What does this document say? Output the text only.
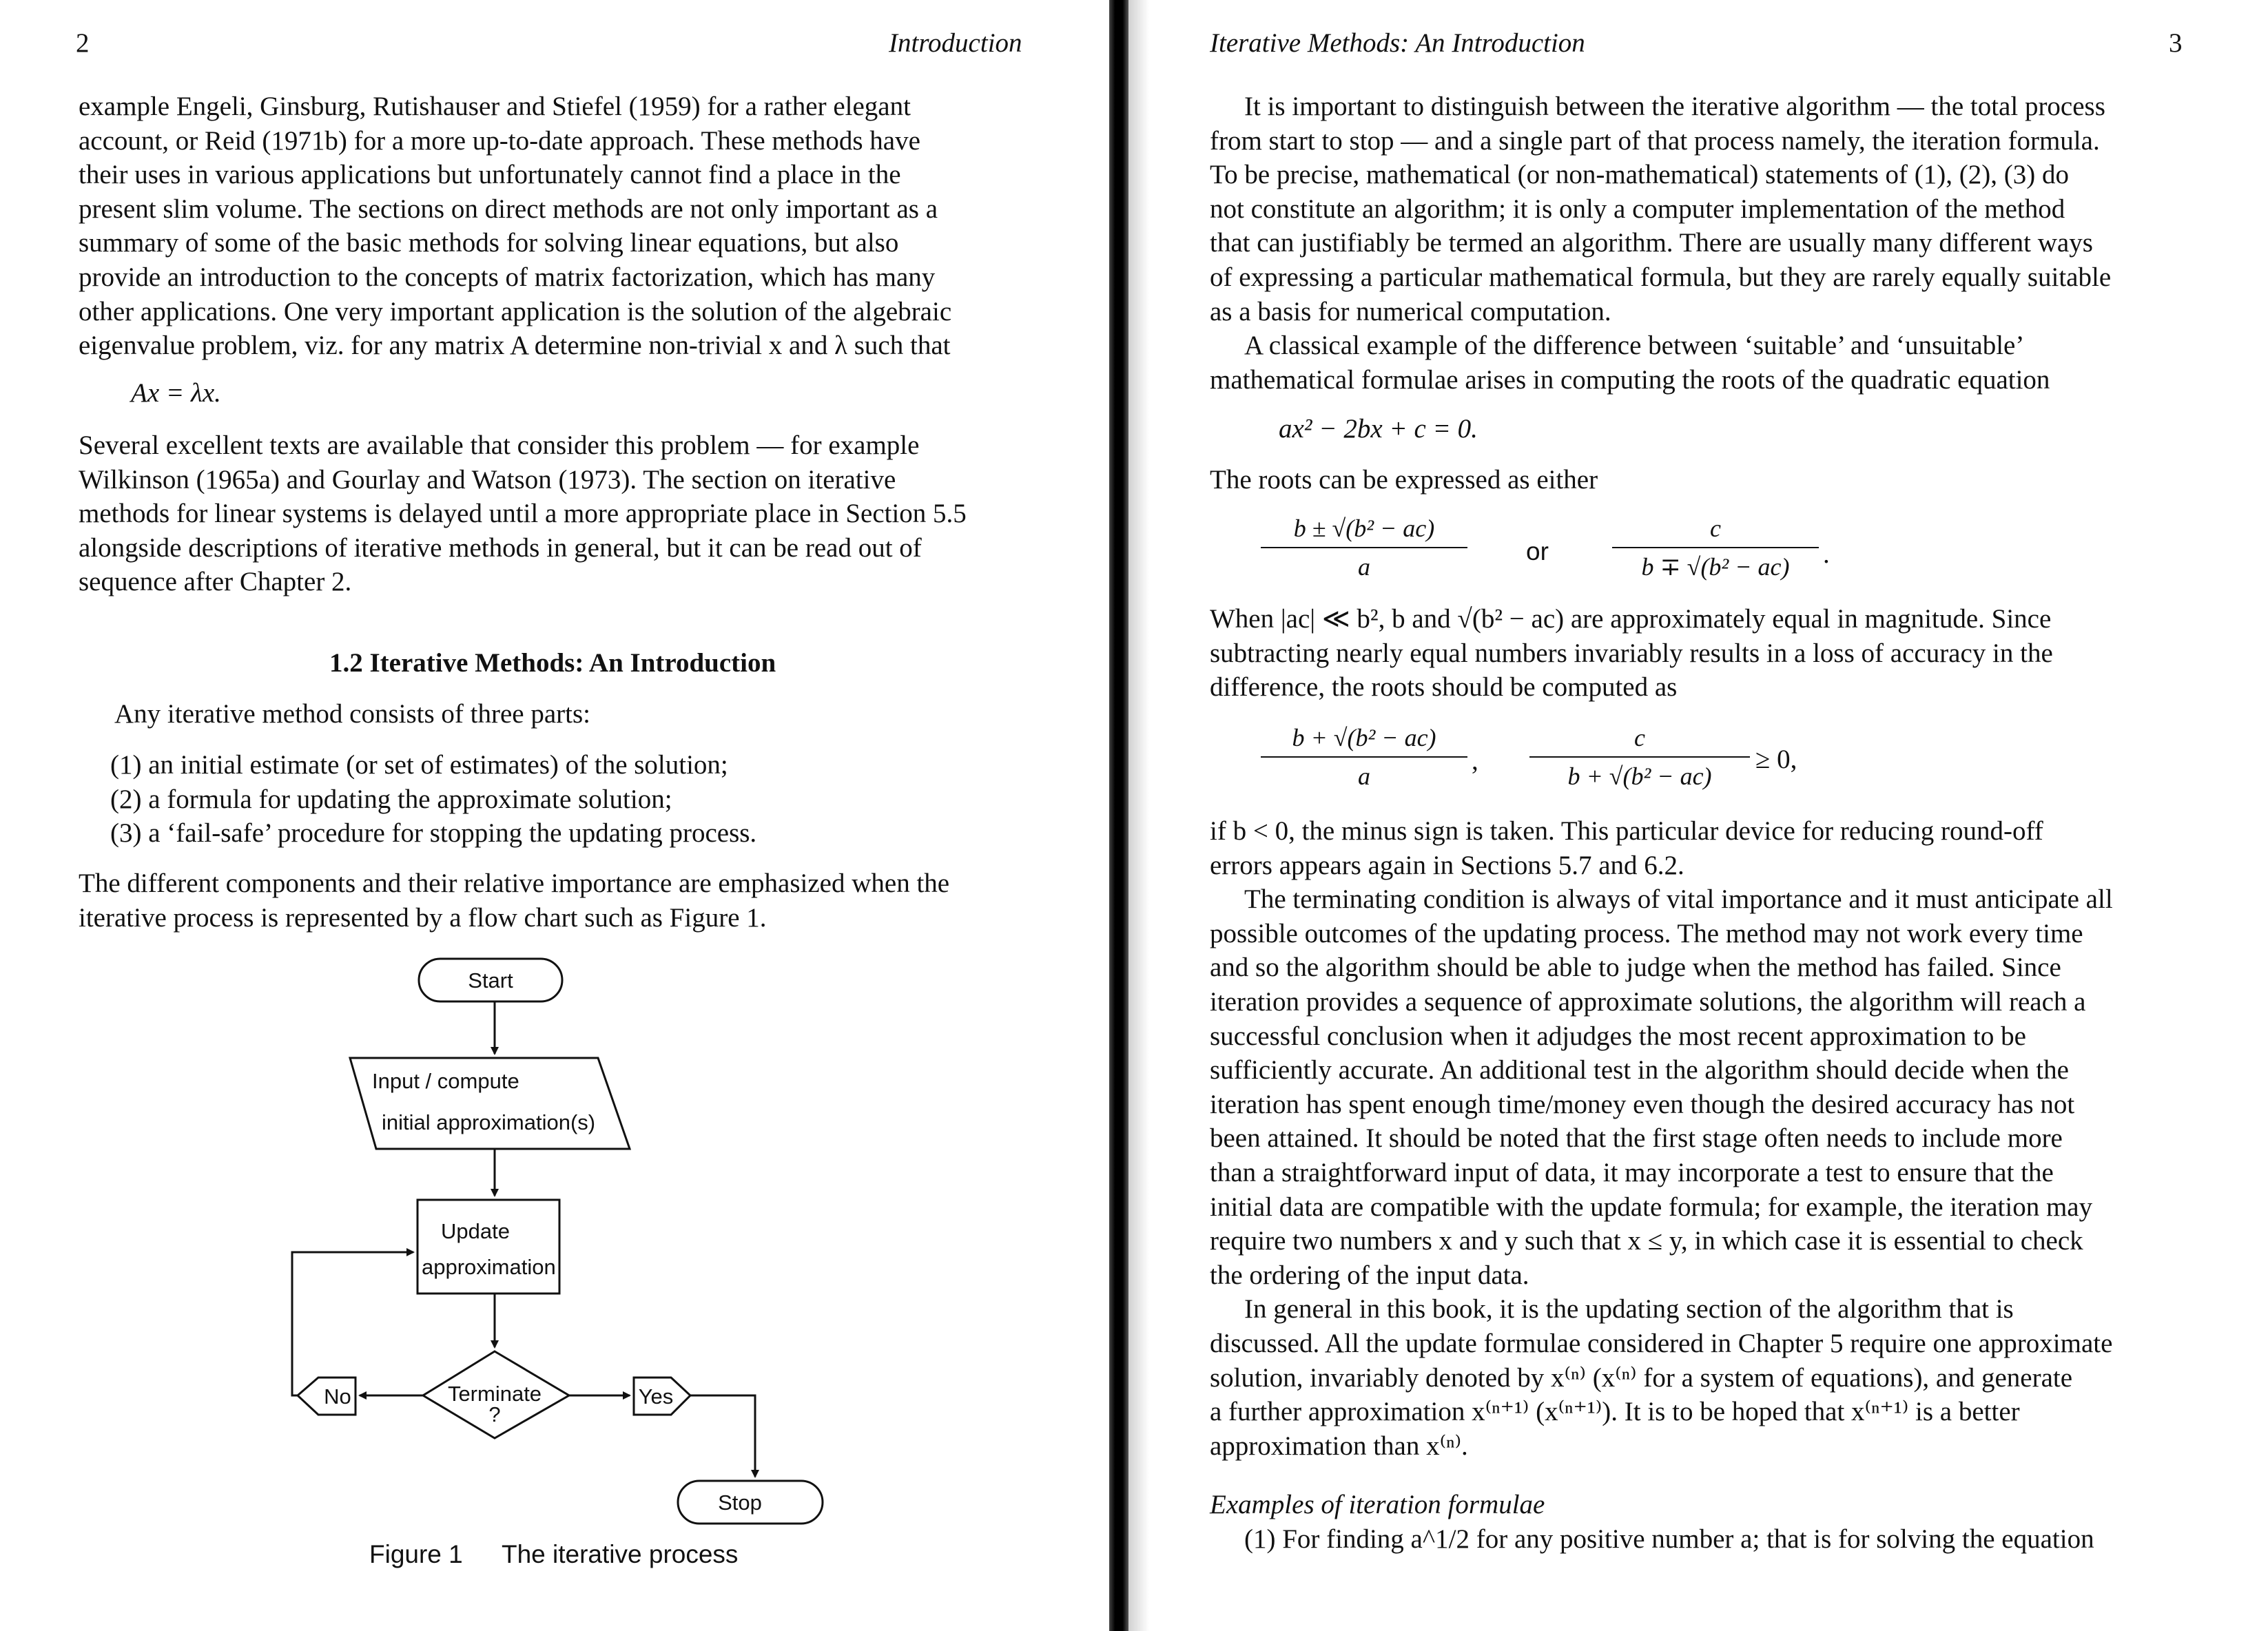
2	Introduction
example Engeli, Ginsburg, Rutishauser and Stiefel (1959) for a rather elegant
account, or Reid (1971b) for a more up-to-date approach. These methods have
their uses in various applications but unfortunately cannot find a place in the
present slim volume. The sections on direct methods are not only important as a
summary of some of the basic methods for solving linear equations, but also
provide an introduction to the concepts of matrix factorization, which has many
other applications. One very important application is the solution of the algebraic
eigenvalue problem, viz. for any matrix A determine non-trivial x and λ such that
Ax = λx.
Several excellent texts are available that consider this problem — for example
Wilkinson (1965a) and Gourlay and Watson (1973). The section on iterative
methods for linear systems is delayed until a more appropriate place in Section 5.5
alongside descriptions of iterative methods in general, but it can be read out of
sequence after Chapter 2.
1.2 Iterative Methods: An Introduction
Any iterative method consists of three parts:
(1) an initial estimate (or set of estimates) of the solution;
(2) a formula for updating the approximate solution;
(3) a ‘fail-safe’ procedure for stopping the updating process.
The different components and their relative importance are emphasized when the
iterative process is represented by a flow chart such as Figure 1.
Start
Input / compute
initial approximation(s)
Update
approximation
Terminate
?
No	Yes
Stop
Figure 1 The iterative process
Iterative Methods: An Introduction	3
It is important to distinguish between the iterative algorithm — the total process
from start to stop — and a single part of that process namely, the iteration formula.
To be precise, mathematical (or non-mathematical) statements of (1), (2), (3) do
not constitute an algorithm; it is only a computer implementation of the method
that can justifiably be termed an algorithm. There are usually many different ways
of expressing a particular mathematical formula, but they are rarely equally suitable
as a basis for numerical computation.
A classical example of the difference between ‘suitable’ and ‘unsuitable’
mathematical formulae arises in computing the roots of the quadratic equation
ax² − 2bx + c = 0.
The roots can be expressed as either
$\frac{\text{b ± √(b² − ac)}}{a}$ or	$\frac{c}{\text{b ∓ √(b² − ac)}}$ .
When |ac| ≪ b², b and √(b² − ac) are approximately equal in magnitude. Since
subtracting nearly equal numbers invariably results in a loss of accuracy in the
difference, the roots should be computed as
$\frac{\text{b + √(b² − ac)}}{a}$ , $\frac{c}{\text{b + √(b² − ac)}} \ge 0$,
if b < 0, the minus sign is taken. This particular device for reducing round-off
errors appears again in Sections 5.7 and 6.2.
The terminating condition is always of vital importance and it must anticipate all
possible outcomes of the updating process. The method may not work every time
and so the algorithm should be able to judge when the method has failed. Since
iteration provides a sequence of approximate solutions, the algorithm will reach a
successful conclusion when it adjudges the most recent approximation to be
sufficiently accurate. An additional test in the algorithm should decide when the
iteration has spent enough time/money even though the desired accuracy has not
been attained. It should be noted that the first stage often needs to include more
than a straightforward input of data, it may incorporate a test to ensure that the
initial data are compatible with the update formula; for example, the iteration may
require two numbers x and y such that x ≤ y, in which case it is essential to check
the ordering of the input data.
In general in this book, it is the updating section of the algorithm that is
discussed. All the update formulae considered in Chapter 5 require one approximate
solution, invariably denoted by x⁽ⁿ⁾ (x⁽ⁿ⁾ for a system of equations), and generate
a further approximation x⁽ⁿ⁺¹⁾ (x⁽ⁿ⁺¹⁾). It is to be hoped that x⁽ⁿ⁺¹⁾ is a better
approximation than x⁽ⁿ⁾.
Examples of iteration formulae
(1) For finding a^1/2 for any positive number a; that is for solving the equation
